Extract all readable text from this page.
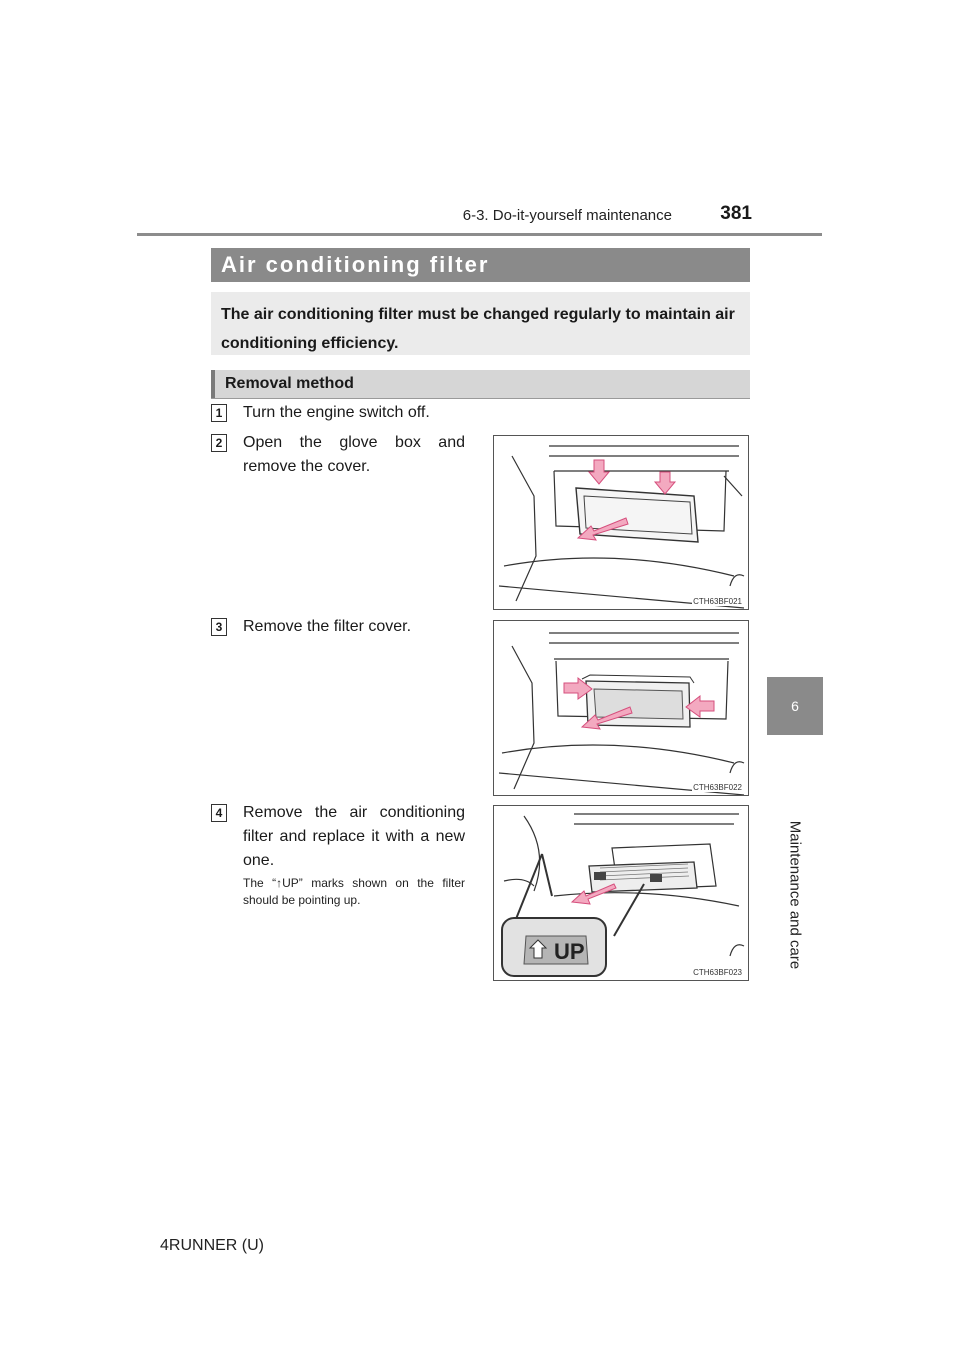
6-3. Do-it-yourself maintenance	381
6
Maintenance and care
Air conditioning filter
The air conditioning filter must be changed regularly to maintain air conditioning efficiency.
Removal method
1 Turn the engine switch off.
2 Open the glove box and remove the cover.
CTH63BF021
3 Remove the filter cover.
CTH63BF022
4 Remove the air conditioning filter and replace it with a new one.
The “↑UP” marks shown on the filter should be pointing up.
UP
CTH63BF023
4RUNNER (U)
